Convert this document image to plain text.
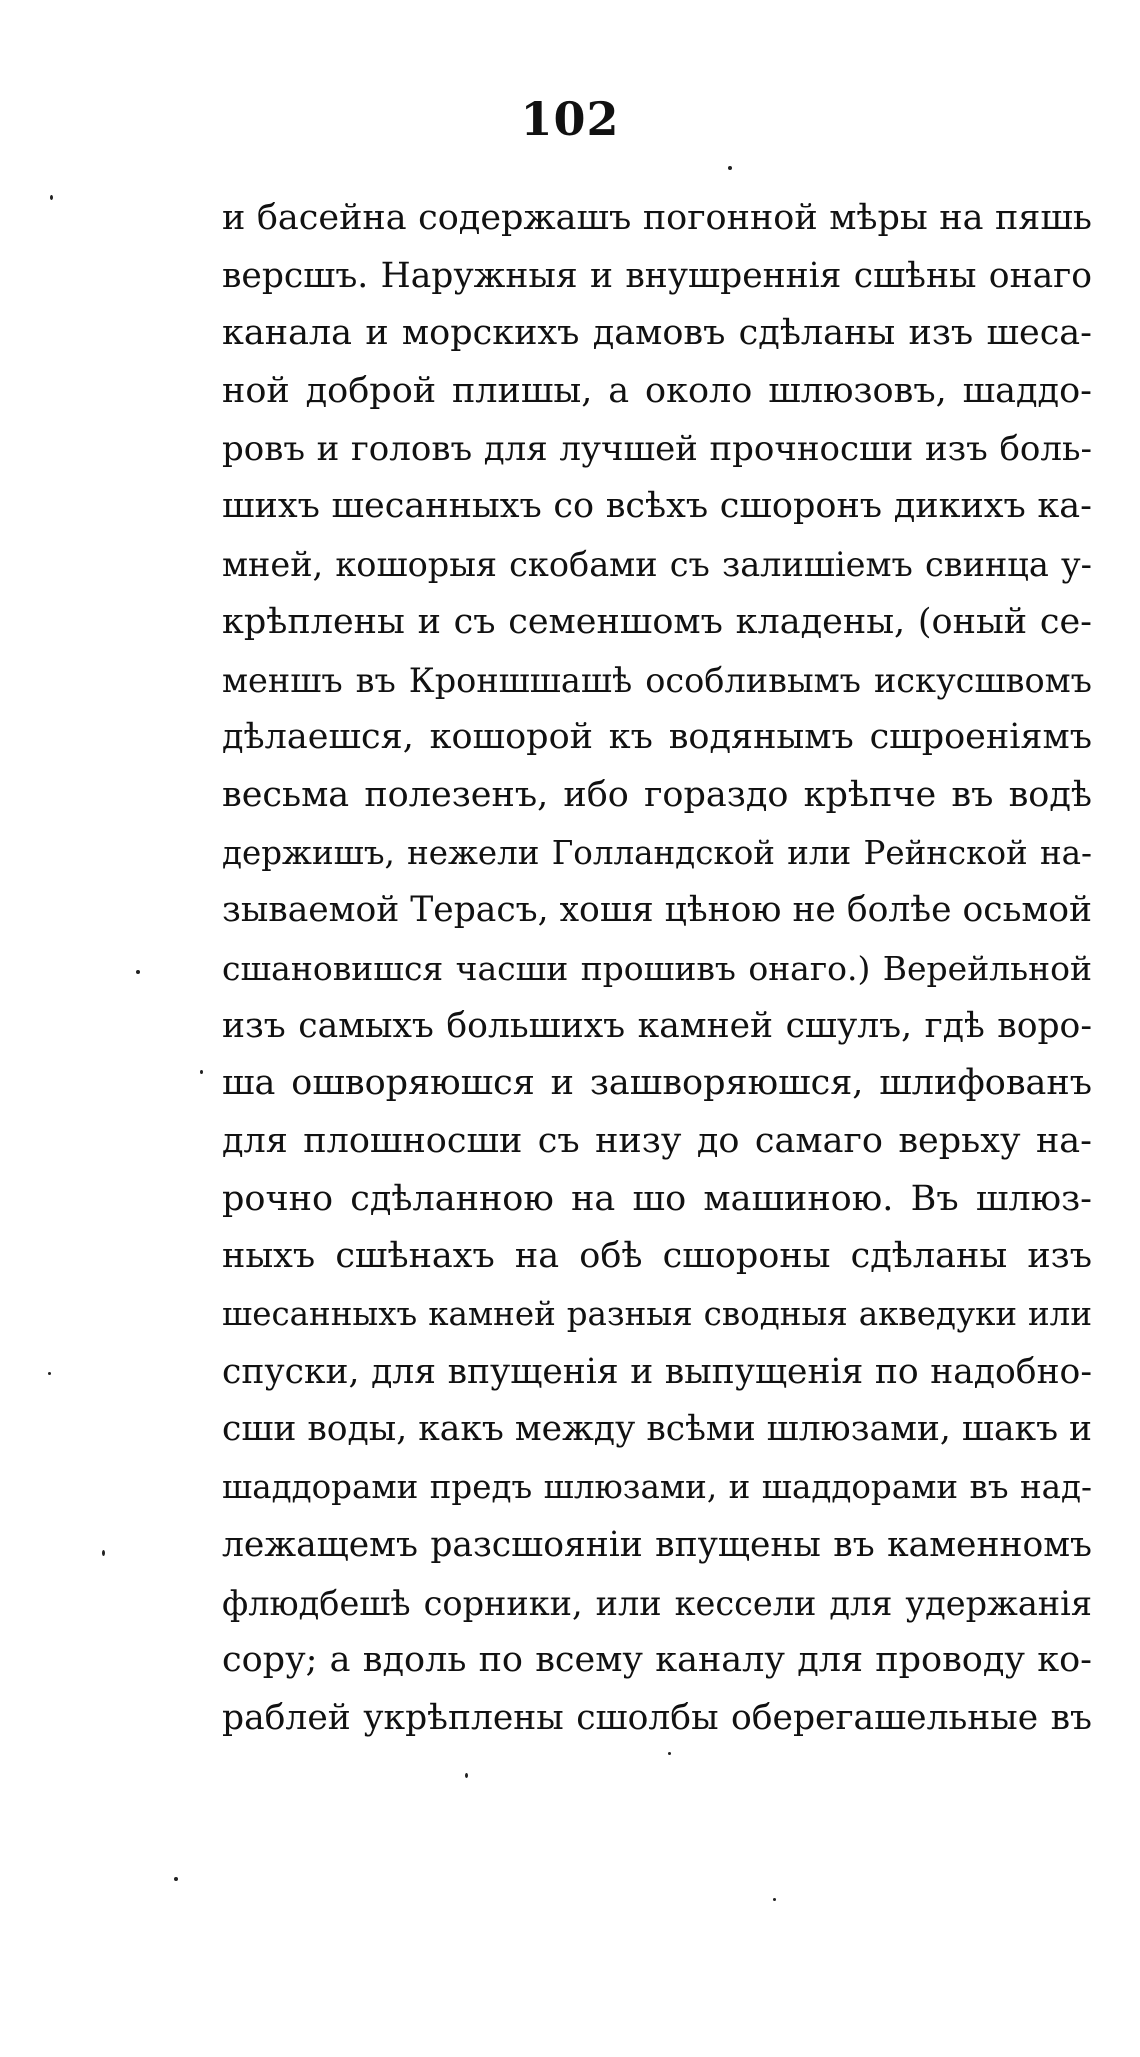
102
и басейна содержашъ погонной мѣры на пяшь
версшъ. Наружныя и внушреннія сшѣны онаго
канала и морскихъ дамовъ сдѣланы изъ шеса-
ной доброй плишы, а около шлюзовъ, шаддо-
ровъ и головъ для лучшей прочносши изъ боль-
шихъ шесанныхъ со всѣхъ сшоронъ дикихъ ка-
мней, кошорыя скобами съ залишіемъ свинца у-
крѣплены и съ семеншомъ кладены, (оный се-
меншъ въ Кроншшашѣ особливымъ искусшвомъ
дѣлаешся, кошорой къ водянымъ сшроеніямъ
весьма полезенъ, ибо гораздо крѣпче въ водѣ
держишъ, нежели Голландской или Рейнской на-
зываемой Терасъ, хошя цѣною не болѣе осьмой
сшановишся часши прошивъ онаго.) Верейльной
изъ самыхъ большихъ камней сшулъ, гдѣ воро-
ша ошворяюшся и зашворяюшся, шлифованъ
для плошносши съ низу до самаго верьху на-
рочно сдѣланною на шо машиною. Въ шлюз-
ныхъ сшѣнахъ на обѣ сшороны сдѣланы изъ
шесанныхъ камней разныя сводныя акведуки или
спуски, для впущенія и выпущенія по надобно-
сши воды, какъ между всѣми шлюзами, шакъ и
шаддорами предъ шлюзами, и шаддорами въ над-
лежащемъ разсшояніи впущены въ каменномъ
флюдбешѣ сорники, или кессели для удержанія
сору; а вдоль по всему каналу для проводу ко-
раблей укрѣплены сшолбы оберегашельные въ
